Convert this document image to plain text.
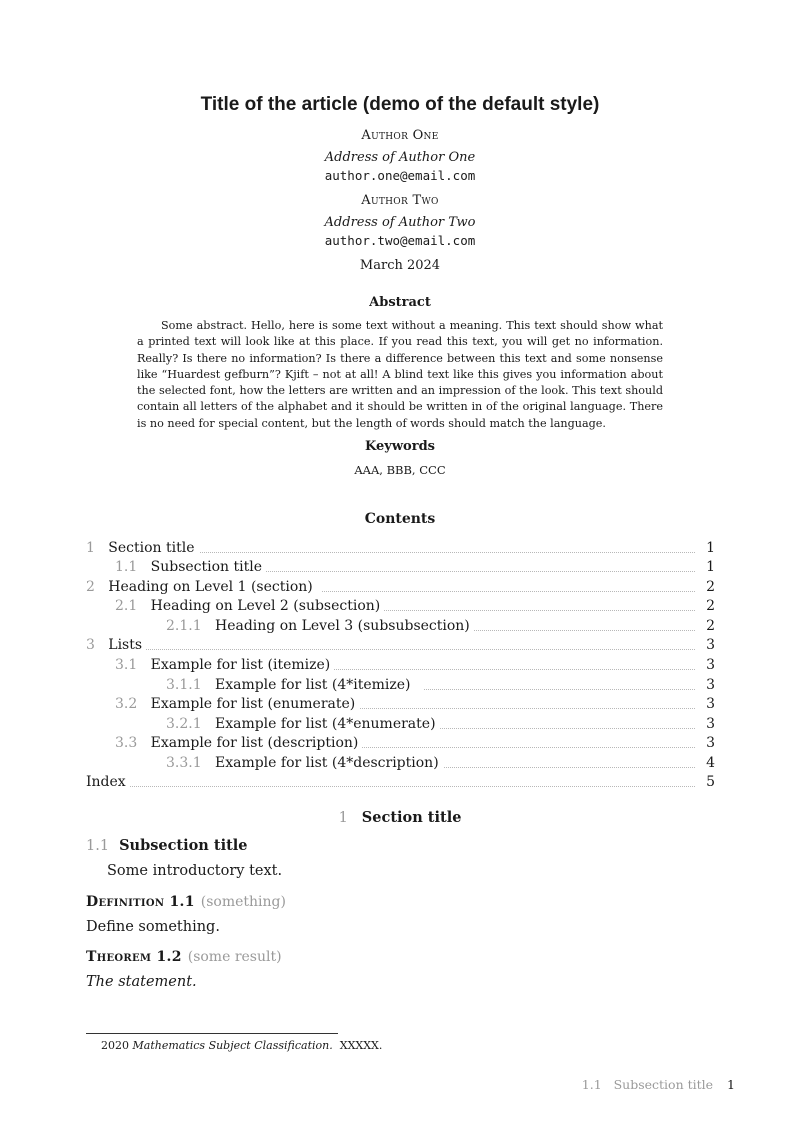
Title of the article (demo of the default style)
Author One
Address of Author One
author.one@email.com
Author Two
Address of Author Two
author.two@email.com
March 2024
Abstract
Some abstract. Hello, here is some text without a meaning. This text should show what a printed text will look like at this place. If you read this text, you will get no information. Really? Is there no information? Is there a difference between this text and some nonsense like “Huardest gefburn”? Kjift – not at all! A blind text like this gives you information about the selected font, how the letters are written and an impression of the look. This text should contain all letters of the alphabet and it should be written in of the original language. There is no need for special content, but the length of words should match the language.
Keywords
AAA, BBB, CCC
Contents
1 Section title	1
1.1 Subsection title	1
2 Heading on Level 1 (section)	2
2.1 Heading on Level 2 (subsection)	2
2.1.1 Heading on Level 3 (subsubsection)	2
3 Lists	3
3.1 Example for list (itemize)	3
3.1.1 Example for list (4*itemize)	3
3.2 Example for list (enumerate)	3
3.2.1 Example for list (4*enumerate)	3
3.3 Example for list (description)	3
3.3.1 Example for list (4*description)	4
Index	5
1 Section title
1.1 Subsection title
Some introductory text.
Definition 1.1 (something)
Define something.
Theorem 1.2 (some result)
The statement.
2020 Mathematics Subject Classification. XXXXX.
1.1 Subsection title 1
